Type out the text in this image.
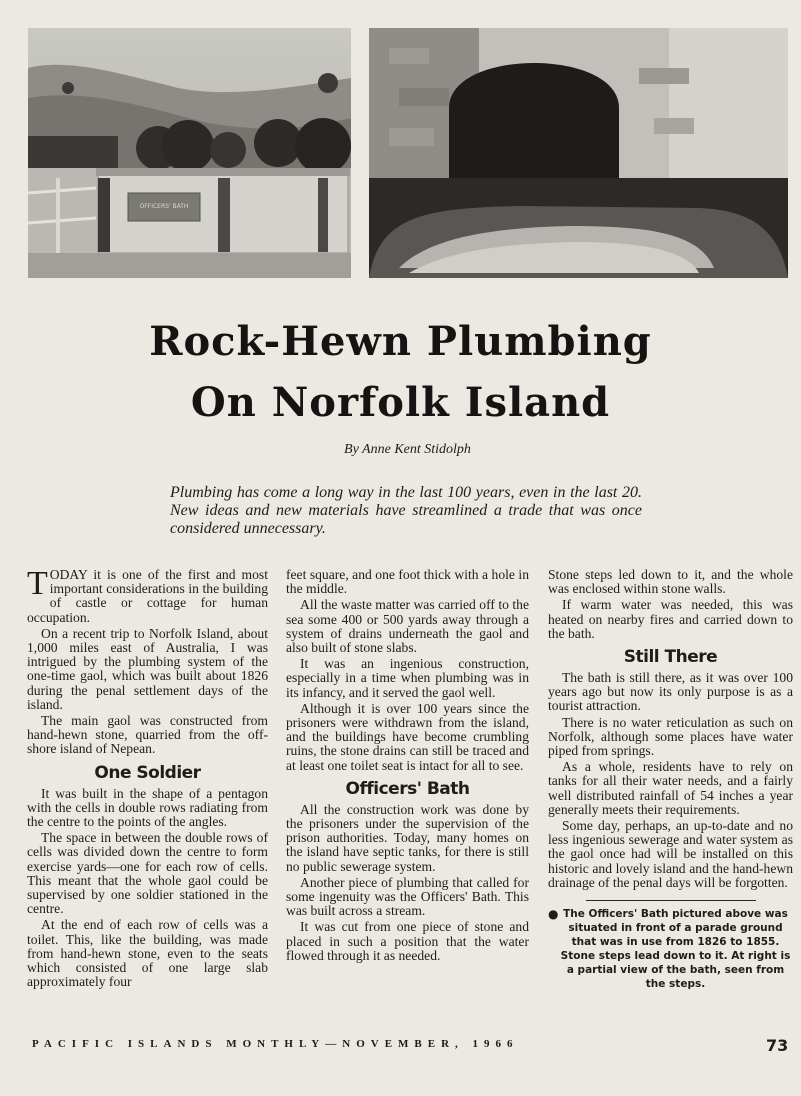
OFFICERS' BATH
Rock-Hewn Plumbing
On Norfolk Island
By Anne Kent Stidolph
Plumbing has come a long way in the last 100 years, even in the last 20. New ideas and new materials have streamlined a trade that was once considered unnecessary.

TODAY it is one of the first and most important considerations in the building of castle or cottage for human occupation.

On a recent trip to Norfolk Island, about 1,000 miles east of Australia, I was intrigued by the plumbing system of the one-time gaol, which was built about 1826 during the penal settlement days of the island.

The main gaol was constructed from hand-hewn stone, quarried from the off-shore island of Nepean.

One Soldier

It was built in the shape of a pentagon with the cells in double rows radiating from the centre to the points of the angles.

The space in between the double rows of cells was divided down the centre to form exercise yards—one for each row of cells. This meant that the whole gaol could be supervised by one soldier stationed in the centre.

At the end of each row of cells was a toilet. This, like the building, was made from hand-hewn stone, even to the seats which consisted of one large slab approximately four

feet square, and one foot thick with a hole in the middle.

All the waste matter was carried off to the sea some 400 or 500 yards away through a system of drains underneath the gaol and also built of stone slabs.

It was an ingenious construction, especially in a time when plumbing was in its infancy, and it served the gaol well.

Although it is over 100 years since the prisoners were withdrawn from the island, and the buildings have become crumbling ruins, the stone drains can still be traced and at least one toilet seat is intact for all to see.

Officers' Bath

All the construction work was done by the prisoners under the supervision of the prison authorities. Today, many homes on the island have septic tanks, for there is still no public sewerage system.

Another piece of plumbing that called for some ingenuity was the Officers' Bath. This was built across a stream.

It was cut from one piece of stone and placed in such a position that the water flowed through it as needed.

Stone steps led down to it, and the whole was enclosed within stone walls.

If warm water was needed, this was heated on nearby fires and carried down to the bath.

Still There

The bath is still there, as it was over 100 years ago but now its only purpose is as a tourist attraction.

There is no water reticulation as such on Norfolk, although some places have water piped from springs.

As a whole, residents have to rely on tanks for all their water needs, and a fairly well distributed rainfall of 54 inches a year generally meets their requirements.

Some day, perhaps, an up-to-date and no less ingenious sewerage and water system as the gaol once had will be installed on this historic and lovely island and the hand-hewn drainage of the penal days will be forgotten.

● The Officers' Bath pictured above was situated in front of a parade ground that was in use from 1826 to 1855. Stone steps lead down to it. At right is a partial view of the bath, seen from the steps.
PACIFIC ISLANDS MONTHLY—NOVEMBER, 1966	73
